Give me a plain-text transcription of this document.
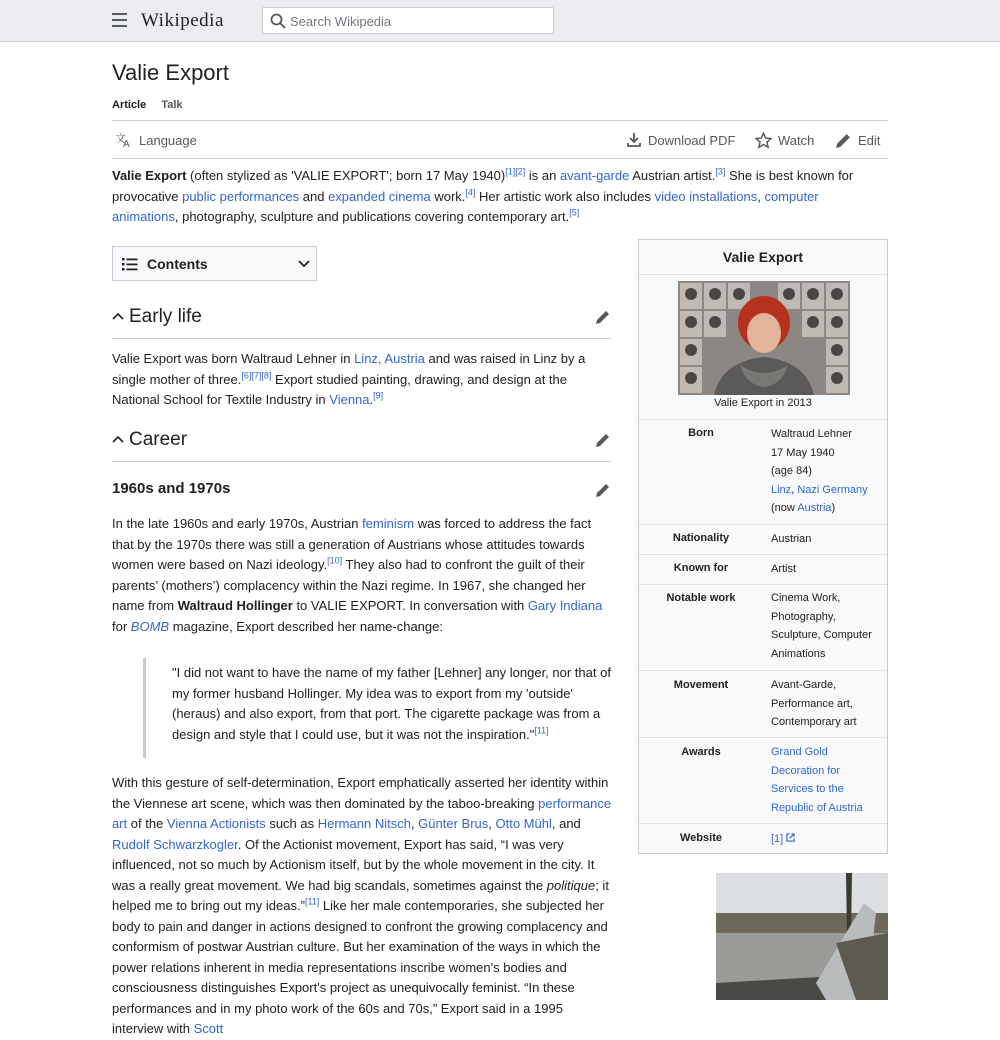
Wikipedia	Search Wikipedia
Valie Export
Article Talk
文
A Language	Download PDF	Watch	Edit
Valie Export (often stylized as 'VALIE EXPORT'; born 17 May 1940)[1][2] is an avant-garde Austrian artist.[3] She is best known for provocative public performances and expanded cinema work.[4] Her artistic work also includes video installations, computer animations, photography, sculpture and publications covering contemporary art.[5]
Contents
Early life
Valie Export was born Waltraud Lehner in Linz, Austria and was raised in Linz by a single mother of three.[6][7][8] Export studied painting, drawing, and design at the National School for Textile Industry in Vienna.[9]
Career
1960s and 1970s
In the late 1960s and early 1970s, Austrian feminism was forced to address the fact that by the 1970s there was still a generation of Austrians whose attitudes towards women were based on Nazi ideology.[10] They also had to confront the guilt of their parents’ (mothers’) complacency within the Nazi regime. In 1967, she changed her name from Waltraud Hollinger to VALIE EXPORT. In conversation with Gary Indiana for BOMB magazine, Export described her name-change:
"I did not want to have the name of my father [Lehner] any longer, nor that of my former husband Hollinger. My idea was to export from my 'outside' (heraus) and also export, from that port. The cigarette package was from a design and style that I could use, but it was not the inspiration."[11]
With this gesture of self-determination, Export emphatically asserted her identity within the Viennese art scene, which was then dominated by the taboo-breaking performance art of the Vienna Actionists such as Hermann Nitsch, Günter Brus, Otto Mühl, and Rudolf Schwarzkogler. Of the Actionist movement, Export has said, “I was very influenced, not so much by Actionism itself, but by the whole movement in the city. It was a really great movement. We had big scandals, sometimes against the politique; it helped me to bring out my ideas.”[11] Like her male contemporaries, she subjected her body to pain and danger in actions designed to confront the growing complacency and conformism of postwar Austrian culture. But her examination of the ways in which the power relations inherent in media representations inscribe women's bodies and consciousness distinguishes Export's project as unequivocally feminist. “In these performances and in my photo work of the 60s and 70s,” Export said in a 1995 interview with Scott
Valie Export
Valie Export in 2013
Born	Waltraud Lehner
17 May 1940
(age 84)
Linz, Nazi Germany
(now Austria)
Nationality	Austrian
Known for	Artist
Notable work	Cinema Work, Photography, Sculpture, Computer Animations
Movement	Avant-Garde, Performance art, Contemporary art
Awards	Grand Gold Decoration for Services to the Republic of Austria
Website	[1]
